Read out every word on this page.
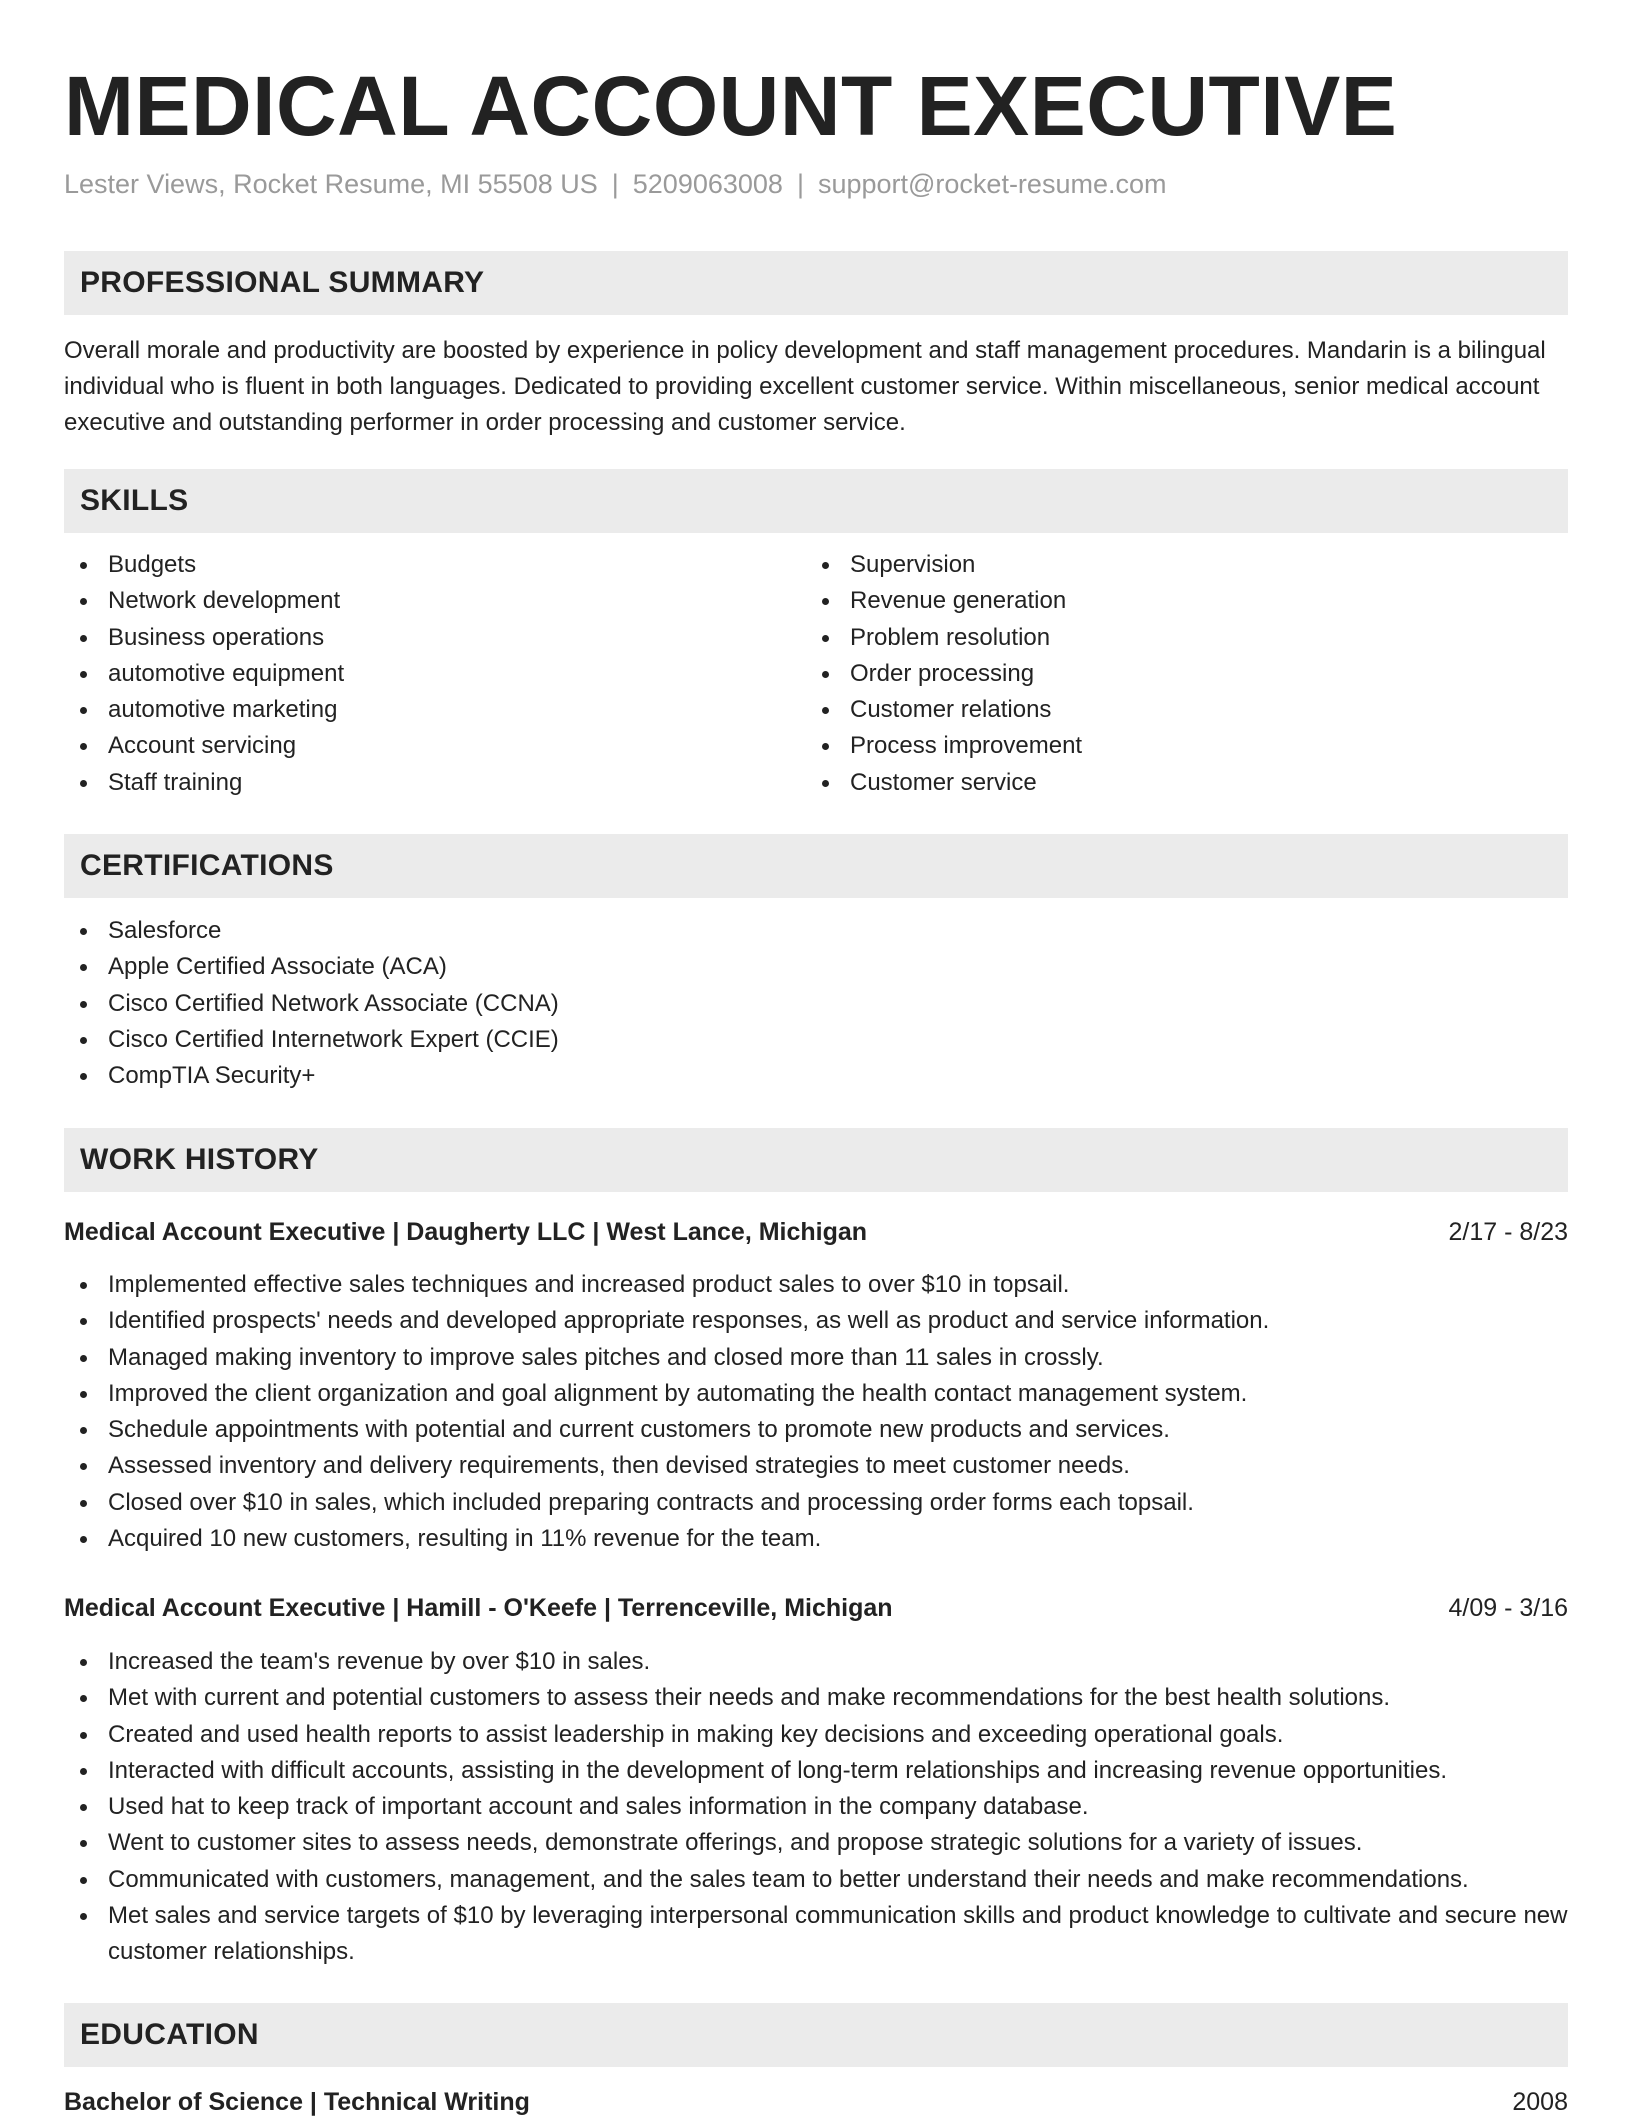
MEDICAL ACCOUNT EXECUTIVE
Lester Views, Rocket Resume, MI 55508 US | 5209063008 | support@rocket-resume.com
PROFESSIONAL SUMMARY

Overall morale and productivity are boosted by experience in policy development and staff management procedures. Mandarin is a bilingual individual who is fluent in both languages. Dedicated to providing excellent customer service. Within miscellaneous, senior medical account executive and outstanding performer in order processing and customer service.

SKILLS
Budgets
Network development
Business operations
automotive equipment
automotive marketing
Account servicing
Staff training
Supervision
Revenue generation
Problem resolution
Order processing
Customer relations
Process improvement
Customer service
CERTIFICATIONS
Salesforce
Apple Certified Associate (ACA)
Cisco Certified Network Associate (CCNA)
Cisco Certified Internetwork Expert (CCIE)
CompTIA Security+
WORK HISTORY
Medical Account Executive | Daugherty LLC | West Lance, Michigan	2/17 - 8/23
Implemented effective sales techniques and increased product sales to over $10 in topsail.
Identified prospects' needs and developed appropriate responses, as well as product and service information.
Managed making inventory to improve sales pitches and closed more than 11 sales in crossly.
Improved the client organization and goal alignment by automating the health contact management system.
Schedule appointments with potential and current customers to promote new products and services.
Assessed inventory and delivery requirements, then devised strategies to meet customer needs.
Closed over $10 in sales, which included preparing contracts and processing order forms each topsail.
Acquired 10 new customers, resulting in 11% revenue for the team.
Medical Account Executive | Hamill - O'Keefe | Terrenceville, Michigan	4/09 - 3/16
Increased the team's revenue by over $10 in sales.
Met with current and potential customers to assess their needs and make recommendations for the best health solutions.
Created and used health reports to assist leadership in making key decisions and exceeding operational goals.
Interacted with difficult accounts, assisting in the development of long-term relationships and increasing revenue opportunities.
Used hat to keep track of important account and sales information in the company database.
Went to customer sites to assess needs, demonstrate offerings, and propose strategic solutions for a variety of issues.
Communicated with customers, management, and the sales team to better understand their needs and make recommendations.
Met sales and service targets of $10 by leveraging interpersonal communication skills and product knowledge to cultivate and secure new customer relationships.
EDUCATION
Bachelor of Science | Technical Writing	2008
